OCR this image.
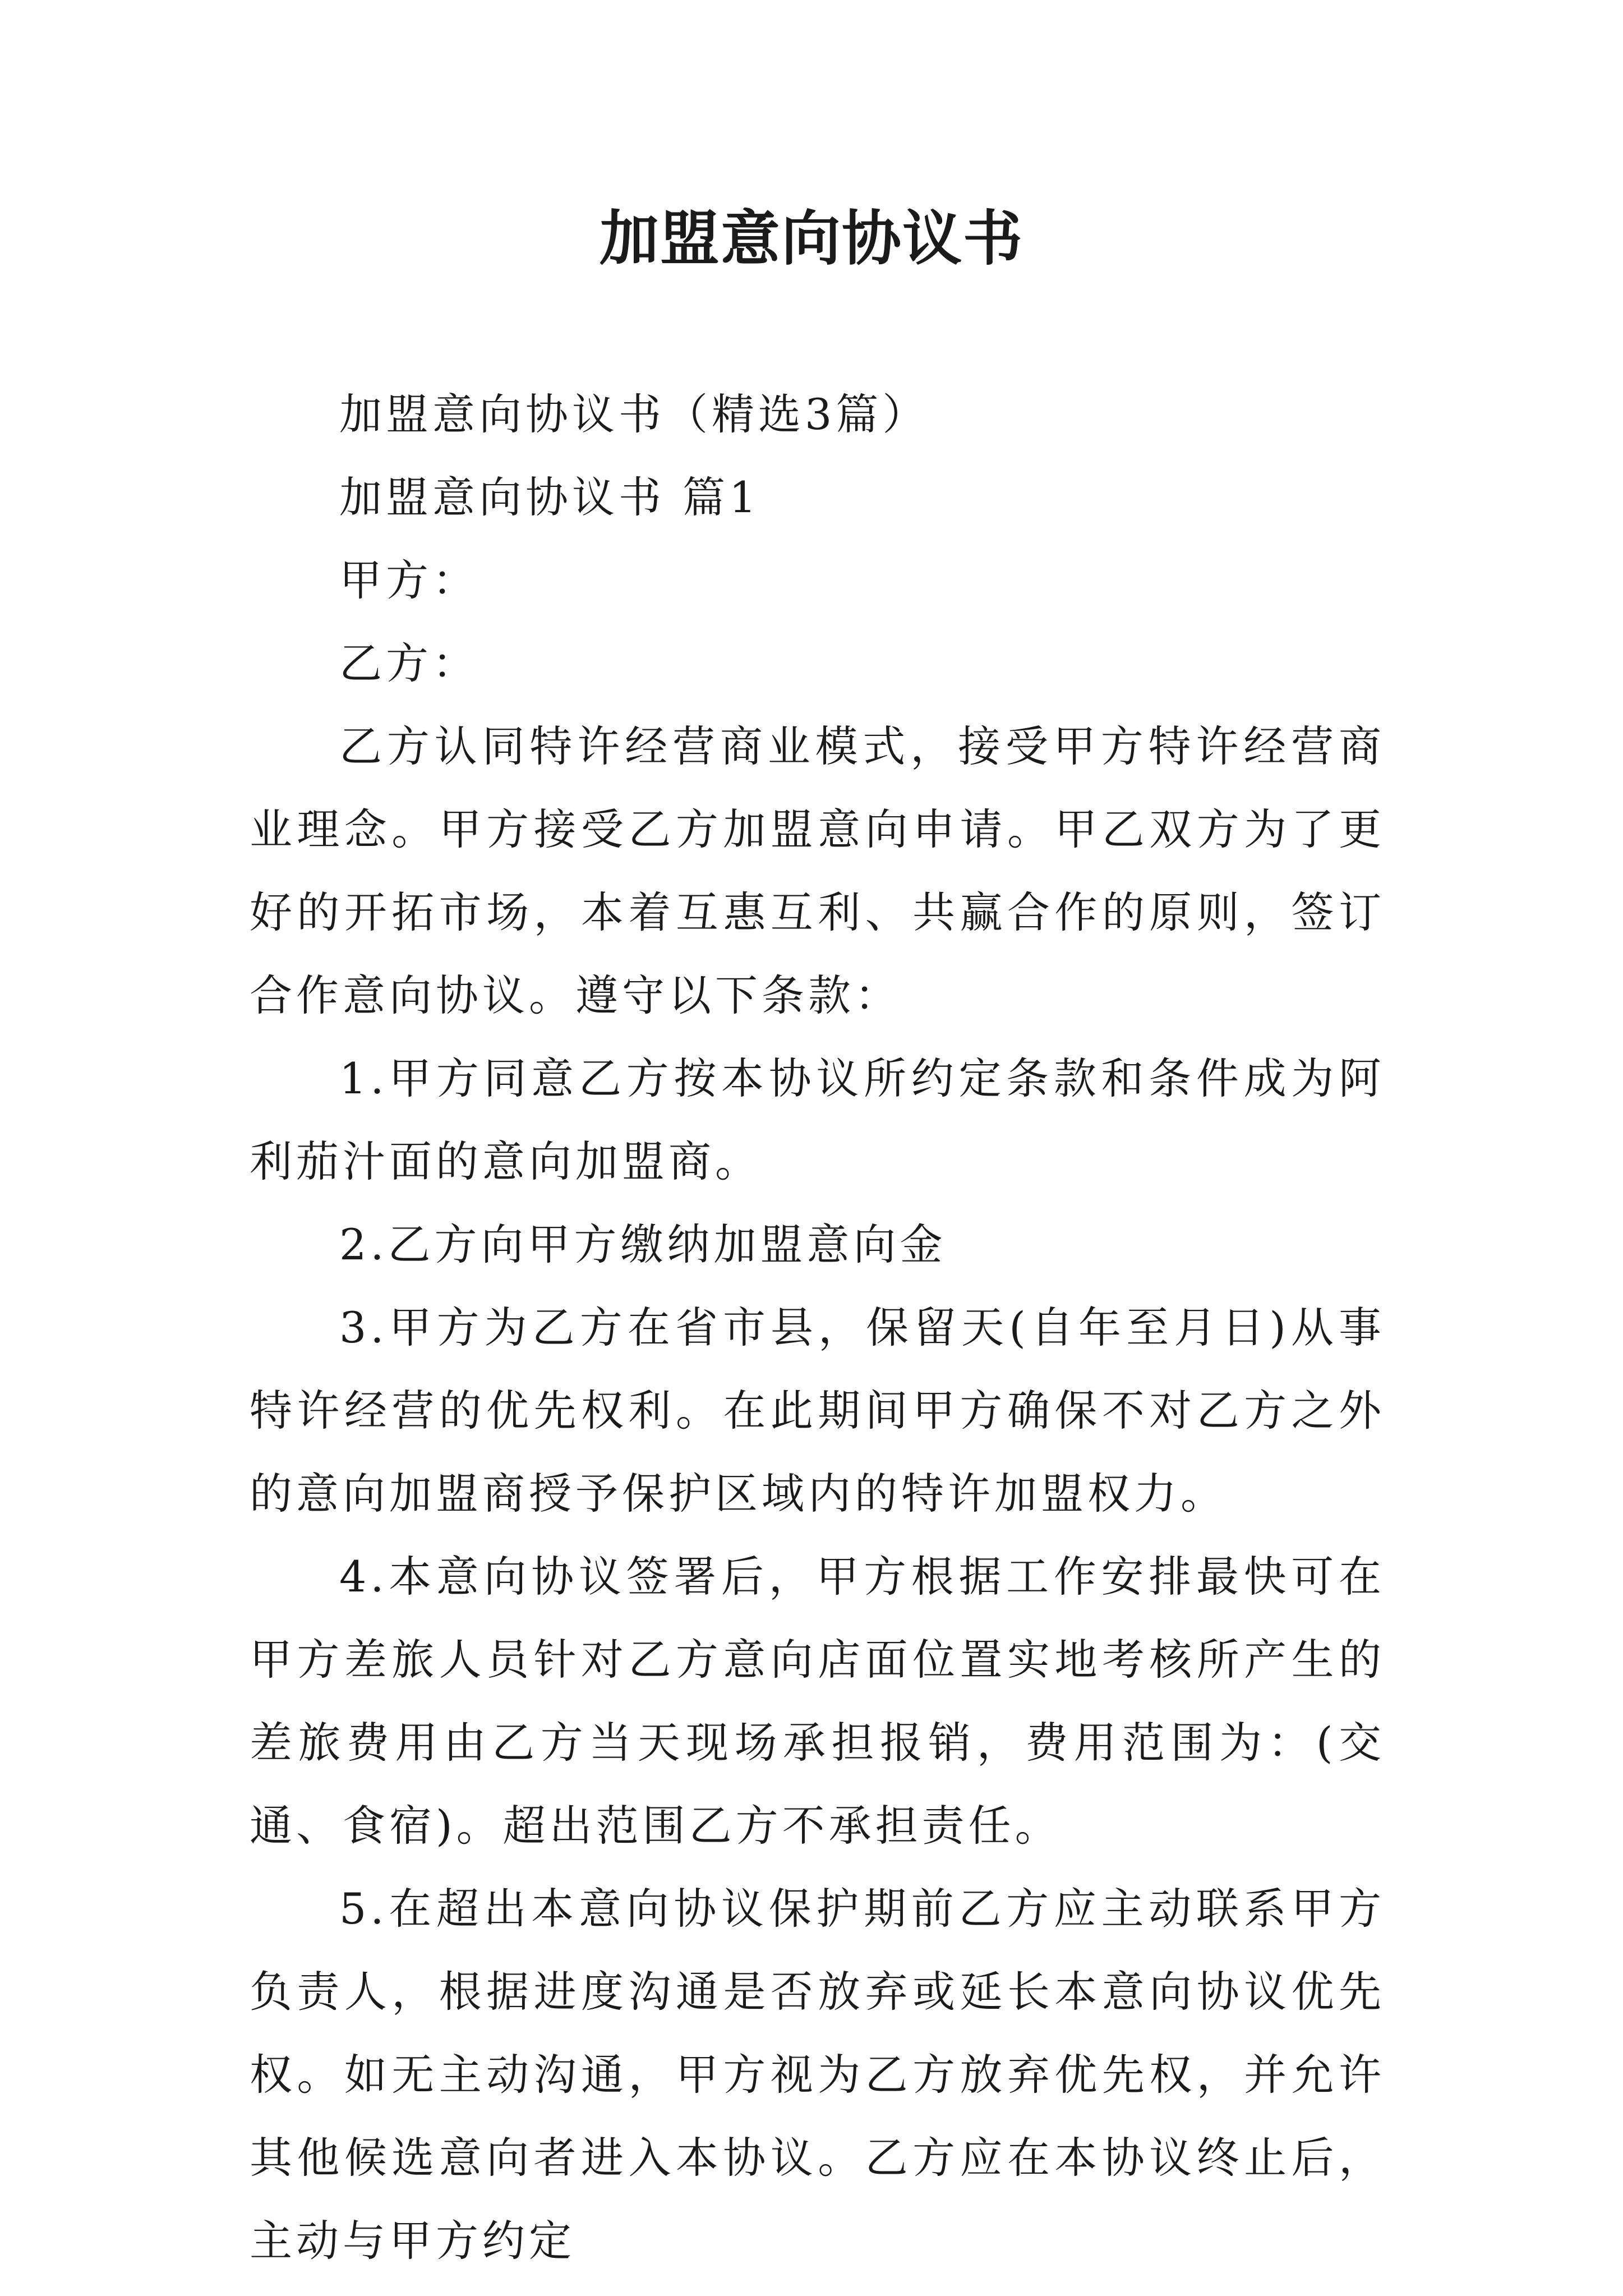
加盟意向协议书

加盟意向协议书（精选3篇）

加盟意向协议书 篇1

甲方：

乙方：

乙方认同特许经营商业模式，接受甲方特许经营商业理念。甲方接受乙方加盟意向申请。甲乙双方为了更好的开拓市场，本着互惠互利、共赢合作的原则，签订合作意向协议。遵守以下条款：

1.甲方同意乙方按本协议所约定条款和条件成为阿利茄汁面的意向加盟商。

2.乙方向甲方缴纳加盟意向金

3.甲方为乙方在省市县，保留天(自年至月日)从事特许经营的优先权利。在此期间甲方确保不对乙方之外的意向加盟商授予保护区域内的特许加盟权力。

4.本意向协议签署后，甲方根据工作安排最快可在甲方差旅人员针对乙方意向店面位置实地考核所产生的差旅费用由乙方当天现场承担报销，费用范围为：(交通、食宿)。超出范围乙方不承担责任。

5.在超出本意向协议保护期前乙方应主动联系甲方负责人，根据进度沟通是否放弃或延长本意向协议优先权。如无主动沟通，甲方视为乙方放弃优先权，并允许其他候选意向者进入本协议。乙方应在本协议终止后，主动与甲方约定
